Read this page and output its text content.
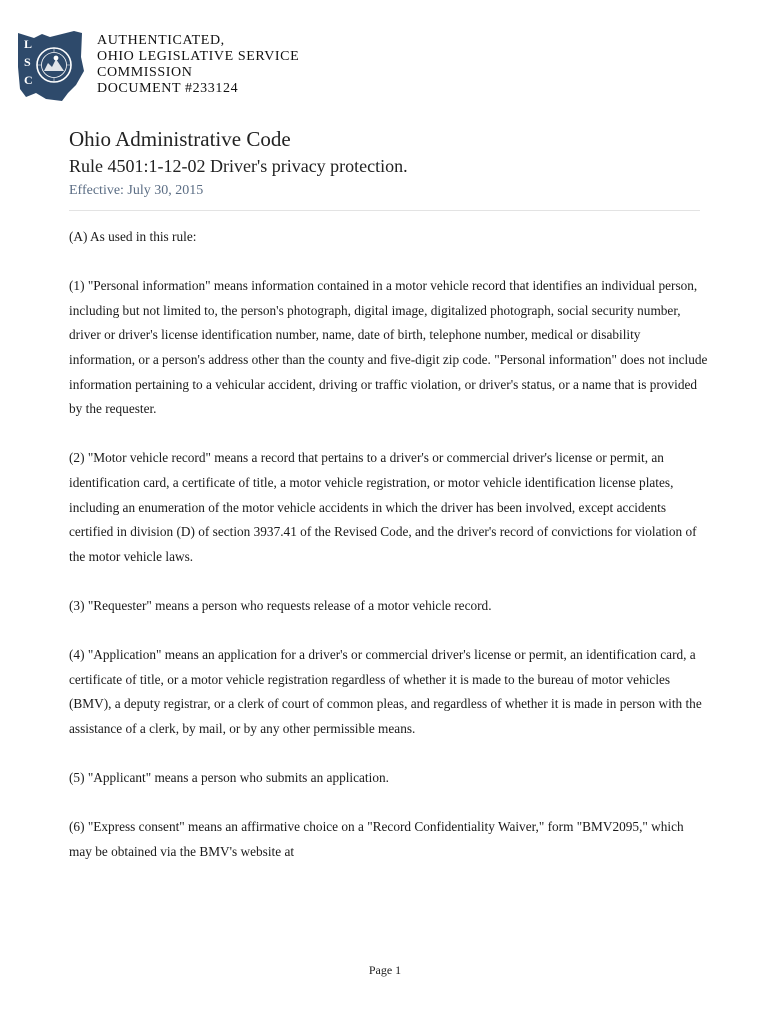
L
S
C
AUTHENTICATED,
OHIO LEGISLATIVE SERVICE
COMMISSION
DOCUMENT #233124
Ohio Administrative Code
Rule 4501:1-12-02 Driver's privacy protection.
Effective: July 30, 2015

(A) As used in this rule:

(1) "Personal information" means information contained in a motor vehicle record that identifies an individual person, including but not limited to, the person's photograph, digital image, digitalized photograph, social security number, driver or driver's license identification number, name, date of birth, telephone number, medical or disability information, or a person's address other than the county and five-digit zip code. "Personal information" does not include information pertaining to a vehicular accident, driving or traffic violation, or driver's status, or a name that is provided by the requester.

(2) "Motor vehicle record" means a record that pertains to a driver's or commercial driver's license or permit, an identification card, a certificate of title, a motor vehicle registration, or motor vehicle identification license plates, including an enumeration of the motor vehicle accidents in which the driver has been involved, except accidents certified in division (D) of section 3937.41 of the Revised Code, and the driver's record of convictions for violation of the motor vehicle laws.

(3) "Requester" means a person who requests release of a motor vehicle record.

(4) "Application" means an application for a driver's or commercial driver's license or permit, an identification card, a certificate of title, or a motor vehicle registration regardless of whether it is made to the bureau of motor vehicles (BMV), a deputy registrar, or a clerk of court of common pleas, and regardless of whether it is made in person with the assistance of a clerk, by mail, or by any other permissible means.

(5) "Applicant" means a person who submits an application.

(6) "Express consent" means an affirmative choice on a "Record Confidentiality Waiver," form "BMV2095," which may be obtained via the BMV's website at

Page 1
